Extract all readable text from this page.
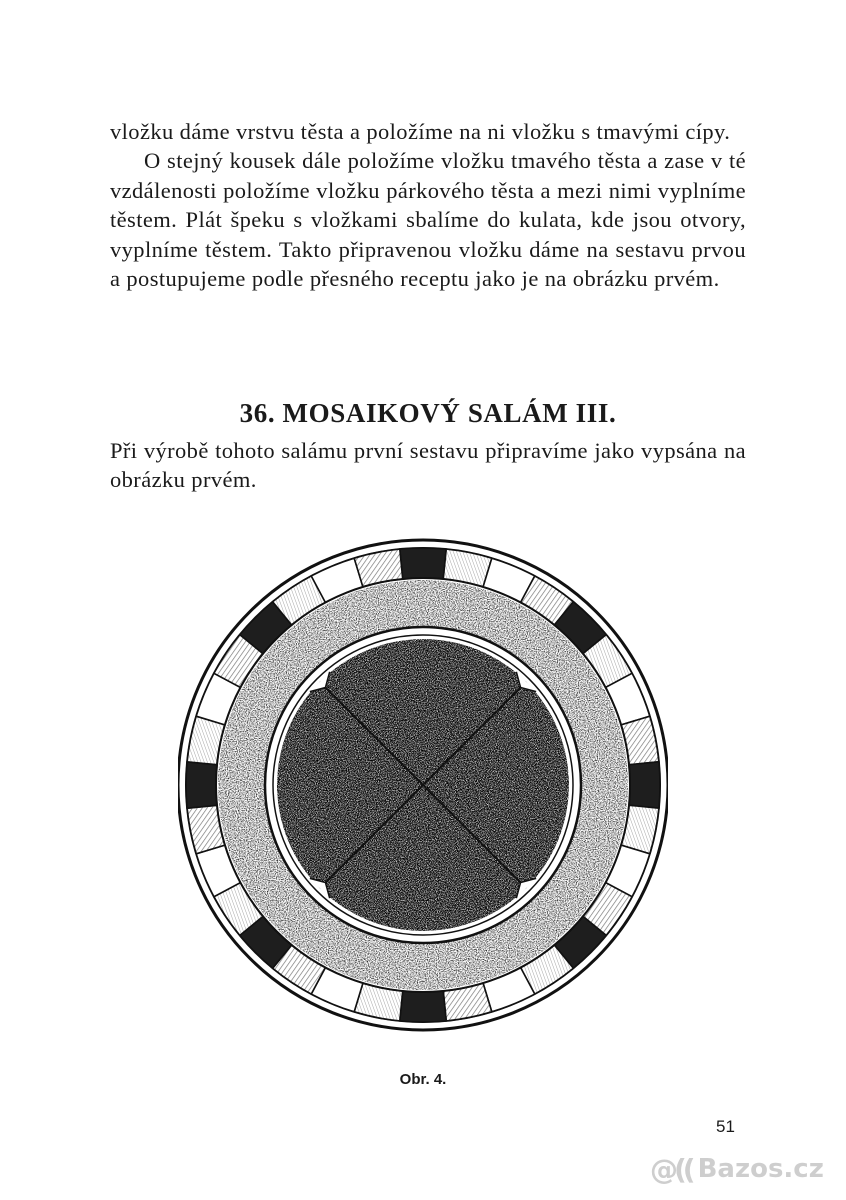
vložku dáme vrstvu těsta a položíme na ni vložku s tmavými cípy.

O stejný kousek dále položíme vložku tmavého těsta a zase v té vzdálenosti položíme vložku párkového těsta a mezi nimi vyplníme těstem. Plát špeku s vložkami sbalíme do kulata, kde jsou otvory, vyplníme těstem. Takto připravenou vložku dáme na sestavu prvou a postupujeme podle přesného receptu jako je na obrázku prvém.

36. MOSAIKOVÝ SALÁM III.

Při výrobě tohoto salámu první sestavu připravíme jako vypsána na obrázku prvém.

Obr. 4.
51
@(( Bazos.cz
